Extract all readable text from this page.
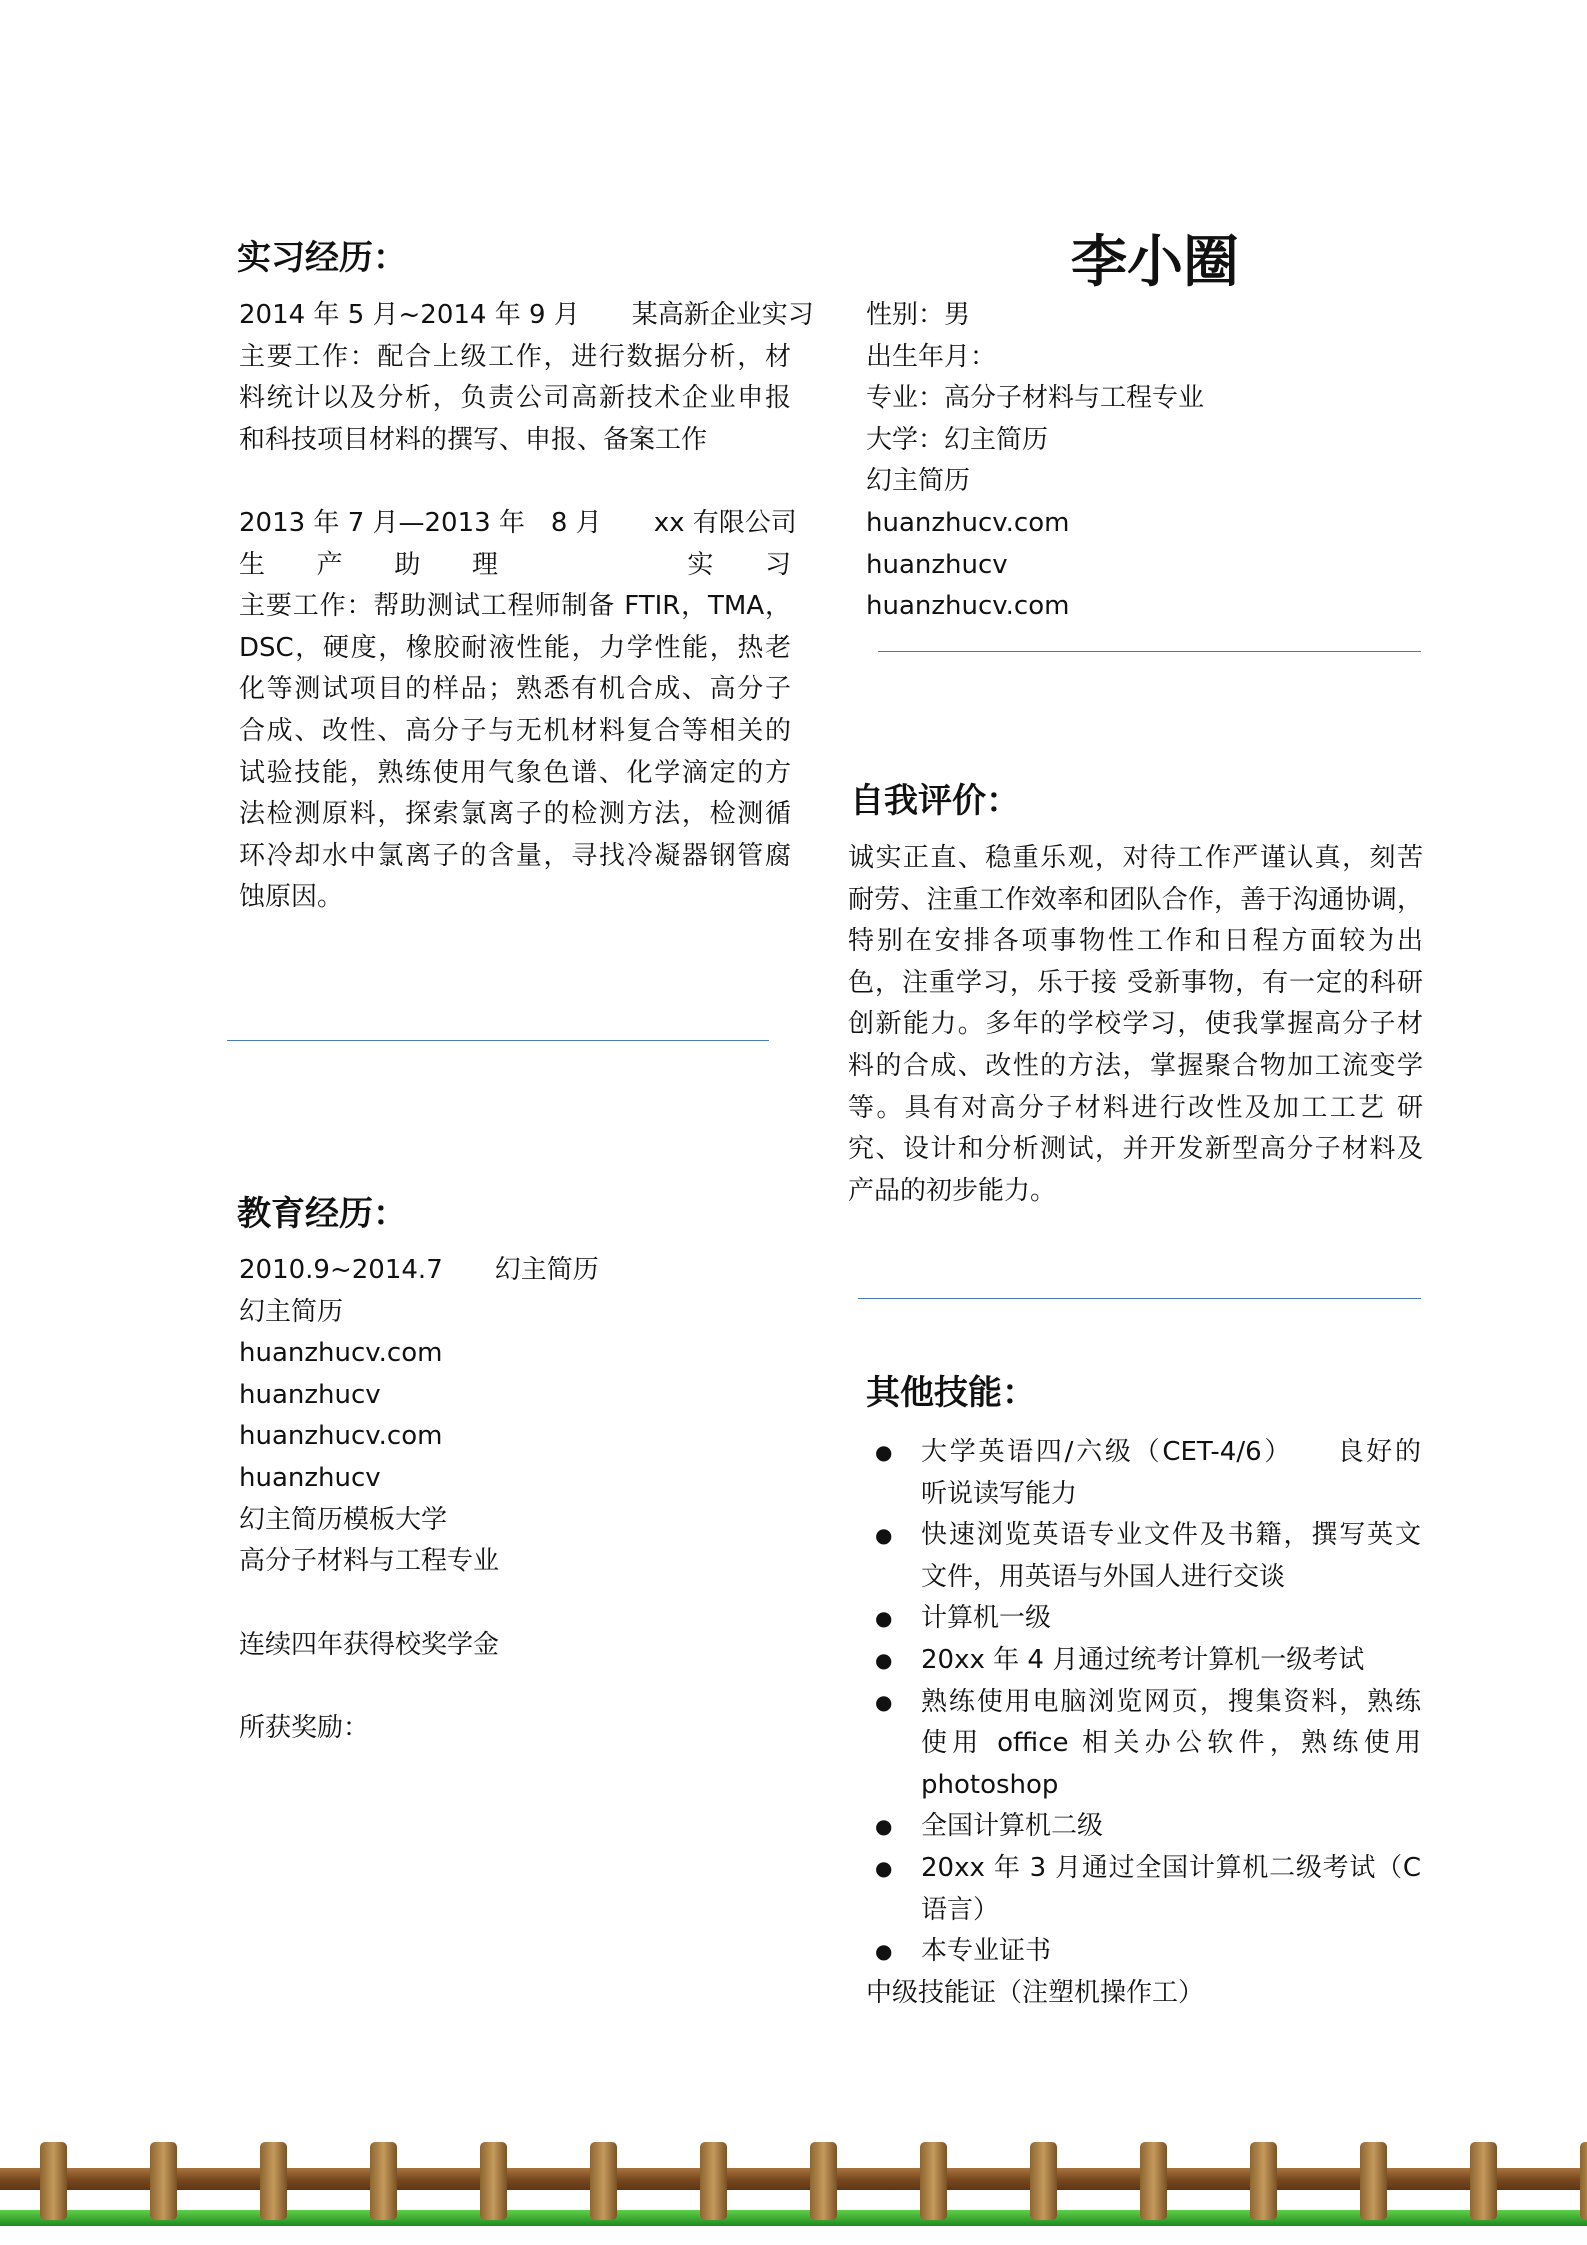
实习经历：
2014 年 5 月~2014 年 9 月　　某高新企业实习
主要工作：配合上级工作，进行数据分析，材
料统计以及分析，负责公司高新技术企业申报
和科技项目材料的撰写、申报、备案工作
2013 年 7 月—2013 年　8 月　　xx 有限公司
生产助理　 实习
主要工作：帮助测试工程师制备 FTIR，TMA，
DSC，硬度，橡胶耐液性能，力学性能，热老
化等测试项目的样品；熟悉有机合成、高分子
合成、改性、高分子与无机材料复合等相关的
试验技能，熟练使用气象色谱、化学滴定的方
法检测原料，探索氯离子的检测方法，检测循
环冷却水中氯离子的含量，寻找冷凝器钢管腐
蚀原因。
教育经历：
2010.9~2014.7　　幻主简历
幻主简历
huanzhucv.com
huanzhucv
huanzhucv.com
huanzhucv
幻主简历模板大学
高分子材料与工程专业
连续四年获得校奖学金
所获奖励：
李小圈
性别：男
出生年月：
专业：高分子材料与工程专业
大学：幻主简历
幻主简历
huanzhucv.com
huanzhucv
huanzhucv.com
自我评价：
诚实正直、稳重乐观，对待工作严谨认真，刻苦
耐劳、注重工作效率和团队合作，善于沟通协调，
特别在安排各项事物性工作和日程方面较为出
色，注重学习，乐于接 受新事物，有一定的科研
创新能力。多年的学校学习，使我掌握高分子材
料的合成、改性的方法，掌握聚合物加工流变学
等。具有对高分子材料进行改性及加工工艺 研
究、设计和分析测试，并开发新型高分子材料及
产品的初步能力。
其他技能：
● 大学英语四/六级（CET-4/6）　　良好的
听说读写能力
● 快速浏览英语专业文件及书籍，撰写英文
文件，用英语与外国人进行交谈
● 计算机一级
● 20xx 年 4 月通过统考计算机一级考试
● 熟练使用电脑浏览网页，搜集资料，熟练
使用 office 相关办公软件，熟练使用
photoshop
● 全国计算机二级
● 20xx 年 3 月通过全国计算机二级考试（C
语言）
● 本专业证书
中级技能证（注塑机操作工）
